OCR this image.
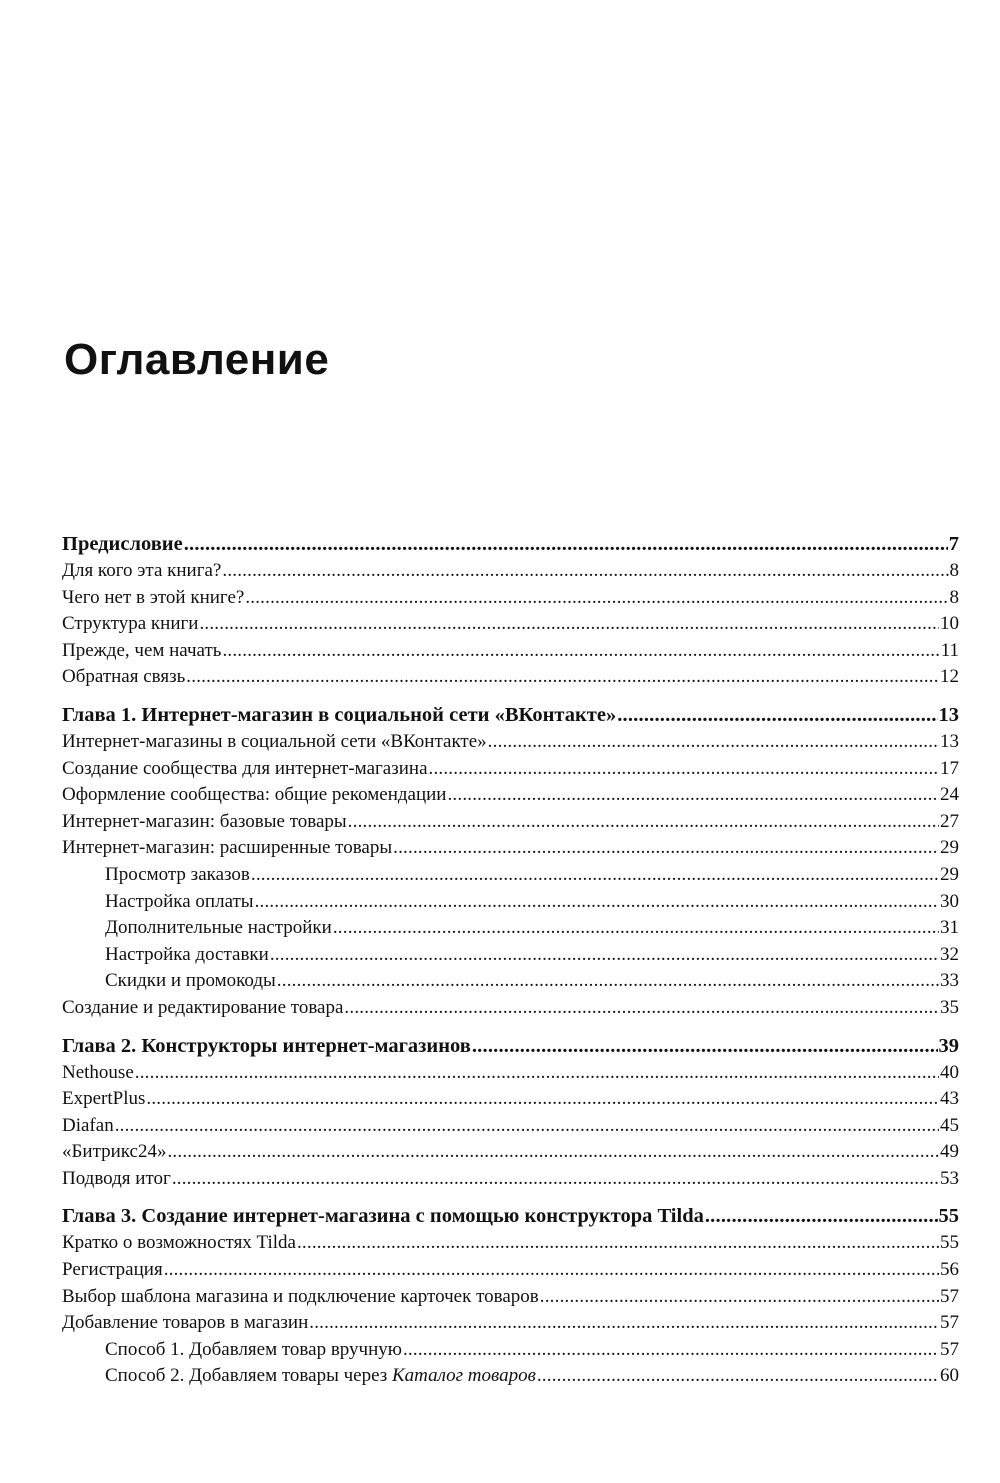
Оглавление
Предисловие .....	7
Для кого эта книга? .....	8
Чего нет в этой книге? .....	8
Структура книги .....	10
Прежде, чем начать .....	11
Обратная связь .....	12
Глава 1. Интернет-магазин в социальной сети «ВКонтакте» .....	13
Интернет-магазины в социальной сети «ВКонтакте» .....	13
Создание сообщества для интернет-магазина .....	17
Оформление сообщества: общие рекомендации .....	24
Интернет-магазин: базовые товары .....	27
Интернет-магазин: расширенные товары .....	29
Просмотр заказов .....	29
Настройка оплаты .....	30
Дополнительные настройки .....	31
Настройка доставки .....	32
Скидки и промокоды .....	33
Создание и редактирование товара .....	35
Глава 2. Конструкторы интернет-магазинов .....	39
Nethouse .....	40
ExpertPlus .....	43
Diafan .....	45
«Битрикс24» .....	49
Подводя итог .....	53
Глава 3. Создание интернет-магазина с помощью конструктора Tilda .....	55
Кратко о возможностях Tilda .....	55
Регистрация .....	56
Выбор шаблона магазина и подключение карточек товаров .....	57
Добавление товаров в магазин .....	57
Способ 1. Добавляем товар вручную .....	57
Способ 2. Добавляем товары через Каталог товаров .....	60
